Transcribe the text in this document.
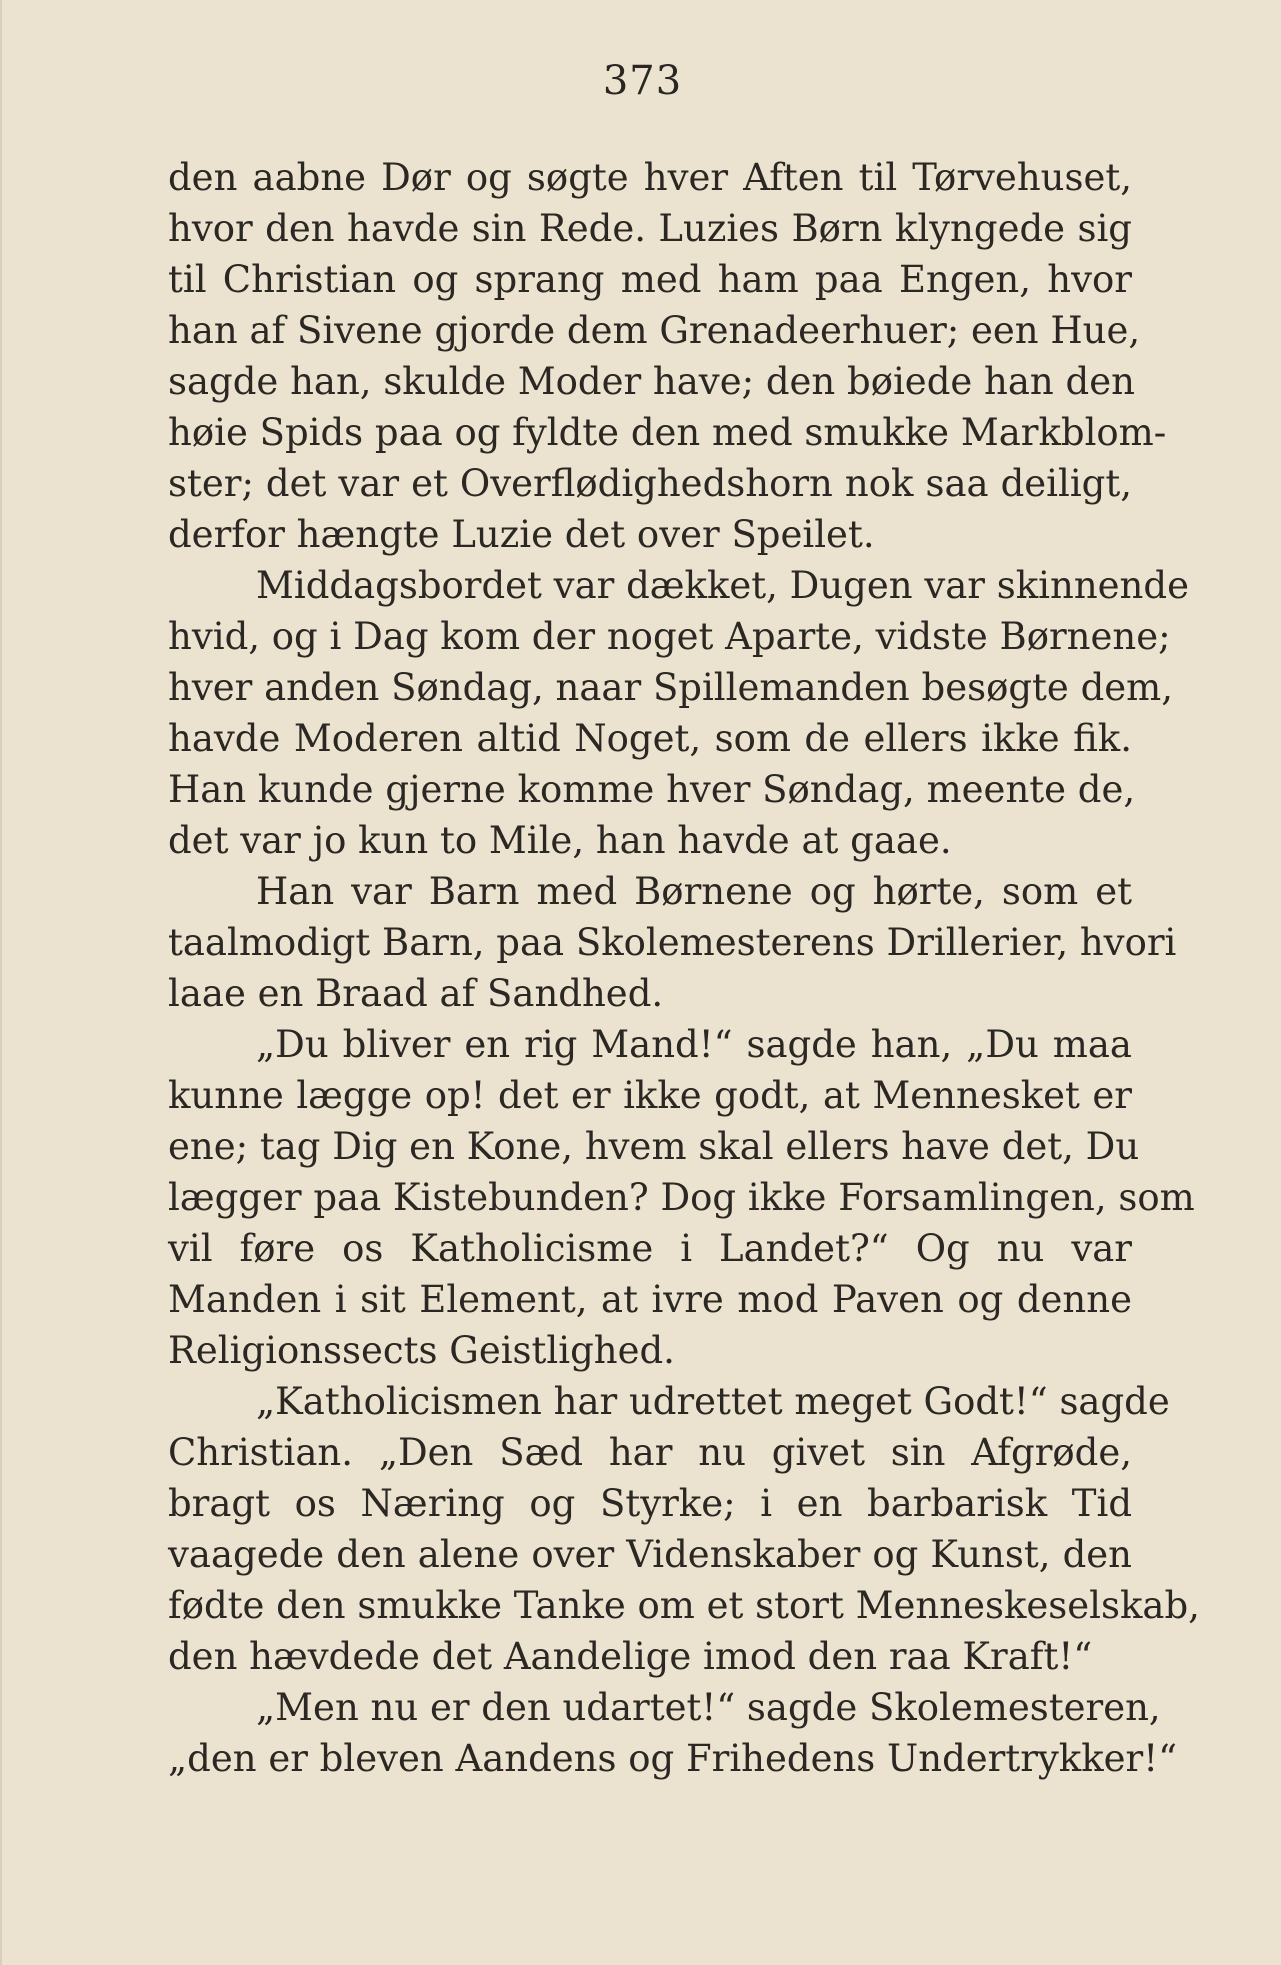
373
den aabne Dør og søgte hver Aften til Tørvehuset,
hvor den havde sin Rede. Luzies Børn klyngede sig
til Christian og sprang med ham paa Engen, hvor
han af Sivene gjorde dem Grenadeerhuer; een Hue,
sagde han, skulde Moder have; den bøiede han den
høie Spids paa og fyldte den med smukke Markblom-
ster; det var et Overflødighedshorn nok saa deiligt,
derfor hængte Luzie det over Speilet.
Middagsbordet var dækket, Dugen var skinnende
hvid, og i Dag kom der noget Aparte, vidste Børnene;
hver anden Søndag, naar Spillemanden besøgte dem,
havde Moderen altid Noget, som de ellers ikke fik.
Han kunde gjerne komme hver Søndag, meente de,
det var jo kun to Mile, han havde at gaae.
Han var Barn med Børnene og hørte, som et
taalmodigt Barn, paa Skolemesterens Drillerier, hvori
laae en Braad af Sandhed.
„Du bliver en rig Mand!“ sagde han, „Du maa
kunne lægge op! det er ikke godt, at Mennesket er
ene; tag Dig en Kone, hvem skal ellers have det, Du
lægger paa Kistebunden? Dog ikke Forsamlingen, som
vil føre os Katholicisme i Landet?“ Og nu var
Manden i sit Element, at ivre mod Paven og denne
Religionssects Geistlighed.
„Katholicismen har udrettet meget Godt!“ sagde
Christian. „Den Sæd har nu givet sin Afgrøde,
bragt os Næring og Styrke; i en barbarisk Tid
vaagede den alene over Videnskaber og Kunst, den
fødte den smukke Tanke om et stort Menneskeselskab,
den hævdede det Aandelige imod den raa Kraft!“
„Men nu er den udartet!“ sagde Skolemesteren,
„den er bleven Aandens og Frihedens Undertrykker!“
